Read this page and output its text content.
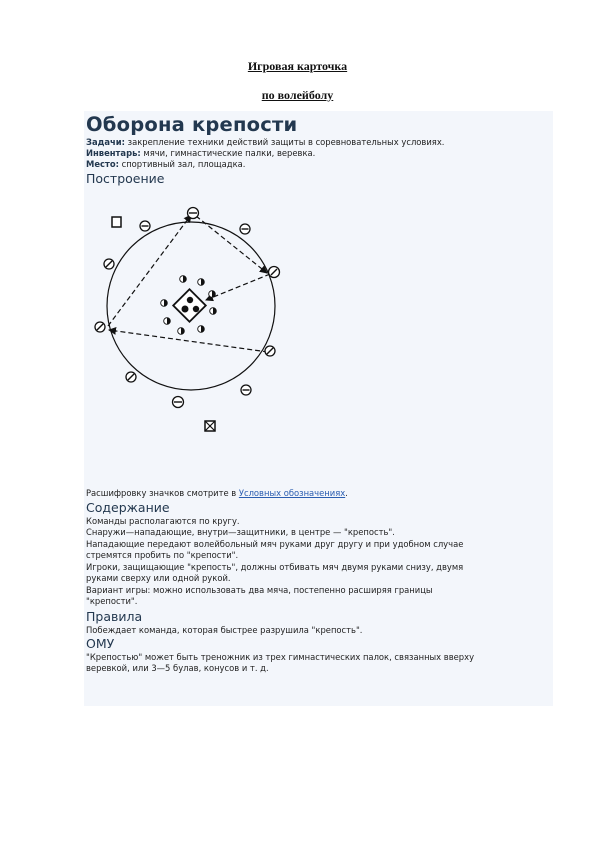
Игровая карточка
по волейболу
Оборона крепости
Задачи: закрепление техники действий защиты в соревновательных условиях.
Инвентарь: мячи, гимнастические палки, веревка.
Место: спортивный зал, площадка.
Построение
Расшифровку значков смотрите в Условных обозначениях.
Содержание
Команды располагаются по кругу.
Снаружи—нападающие, внутри—защитники, в центре — "крепость".
Нападающие передают волейбольный мяч руками друг другу и при удобном случае
стремятся пробить по "крепости".
Игроки, защищающие "крепость", должны отбивать мяч двумя руками снизу, двумя
руками сверху или одной рукой.
Вариант игры: можно использовать два мяча, постепенно расширяя границы
"крепости".
Правила
Побеждает команда, которая быстрее разрушила "крепость".
ОМУ
"Крепостью" может быть треножник из трех гимнастических палок, связанных вверху
веревкой, или 3—5 булав, конусов и т. д.
